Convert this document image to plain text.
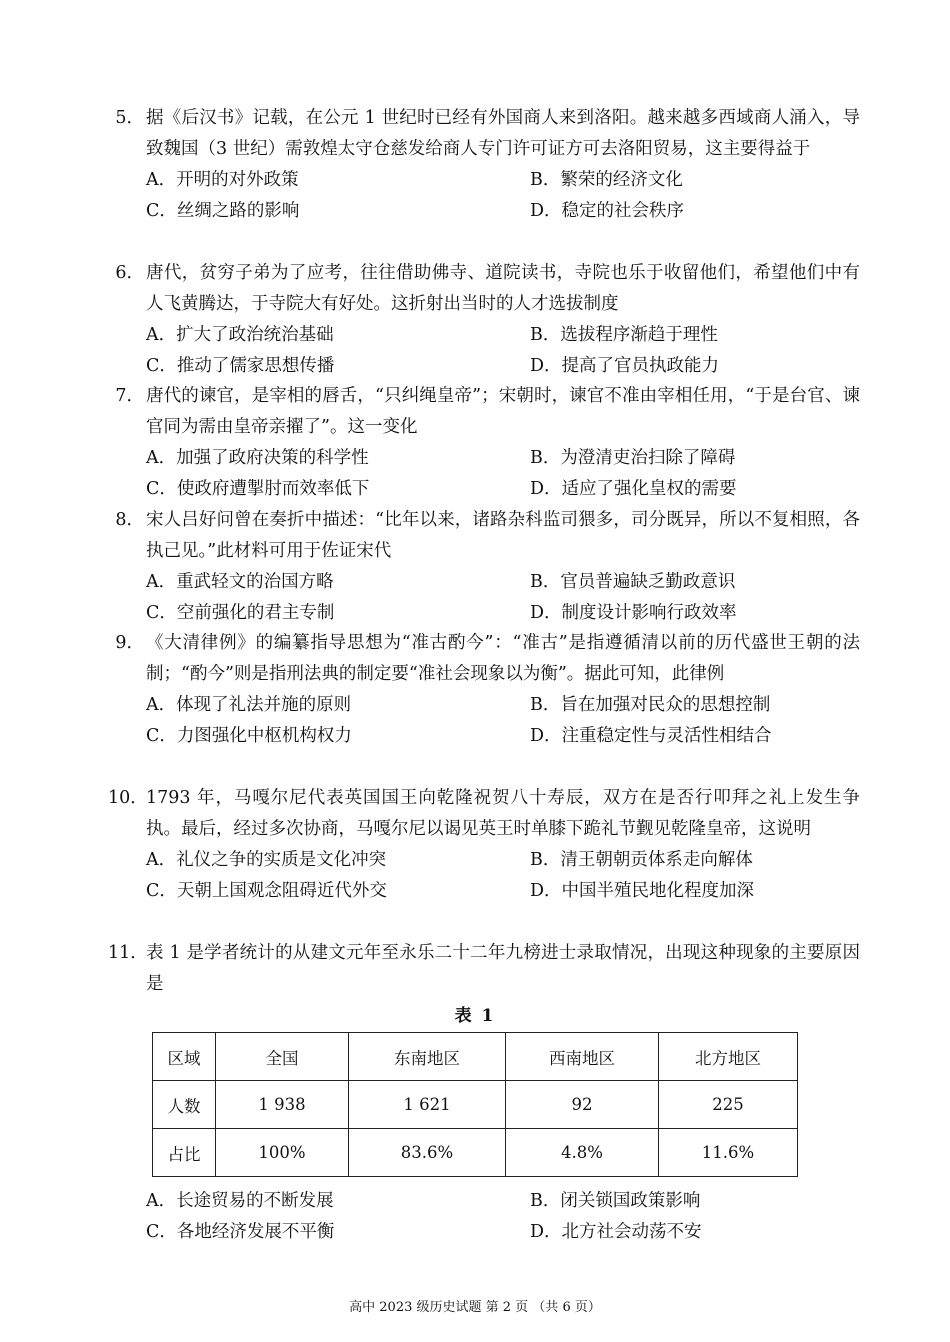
5． 据《后汉书》记载，在公元 1 世纪时已经有外国商人来到洛阳。越来越多西域商人涌入，导致魏国（3 世纪）需敦煌太守仓慈发给商人专门许可证方可去洛阳贸易，这主要得益于
A．开明的对外政策	B．繁荣的经济文化
C．丝绸之路的影响	D．稳定的社会秩序
6． 唐代，贫穷子弟为了应考，往往借助佛寺、道院读书，寺院也乐于收留他们，希望他们中有人飞黄腾达，于寺院大有好处。这折射出当时的人才选拔制度
A．扩大了政治统治基础	B．选拔程序渐趋于理性
C．推动了儒家思想传播	D．提高了官员执政能力
7． 唐代的谏官，是宰相的唇舌，“只纠绳皇帝”；宋朝时，谏官不准由宰相任用，“于是台官、谏官同为需由皇帝亲擢了”。这一变化
A．加强了政府决策的科学性	B．为澄清吏治扫除了障碍
C．使政府遭掣肘而效率低下	D．适应了强化皇权的需要
8． 宋人吕好问曾在奏折中描述：“比年以来，诸路杂科监司猥多，司分既异，所以不复相照，各执己见。”此材料可用于佐证宋代
A．重武轻文的治国方略	B．官员普遍缺乏勤政意识
C．空前强化的君主专制	D．制度设计影响行政效率
9． 《大清律例》的编纂指导思想为“准古酌今”：“准古”是指遵循清以前的历代盛世王朝的法制；“酌今”则是指刑法典的制定要“准社会现象以为衡”。据此可知，此律例
A．体现了礼法并施的原则	B．旨在加强对民众的思想控制
C．力图强化中枢机构权力	D．注重稳定性与灵活性相结合
10．
1793 年，马嘎尔尼代表英国国王向乾隆祝贺八十寿辰，双方在是否行叩拜之礼上发生争执。最后，经过多次协商，马嘎尔尼以谒见英王时单膝下跪礼节觐见乾隆皇帝，这说明
A．礼仪之争的实质是文化冲突	B．清王朝朝贡体系走向解体
C．天朝上国观念阻碍近代外交	D．中国半殖民地化程度加深
11．
表 1 是学者统计的从建文元年至永乐二十二年九榜进士录取情况，出现这种现象的主要原因是
表 1
区域	全国	东南地区	西南地区	北方地区
人数	1 938	1 621	92	225
占比	100%	83.6%	4.8%	11.6%
A．长途贸易的不断发展	B．闭关锁国政策影响
C．各地经济发展不平衡	D．北方社会动荡不安
高中 2023 级历史试题 第 2 页 （共 6 页）
